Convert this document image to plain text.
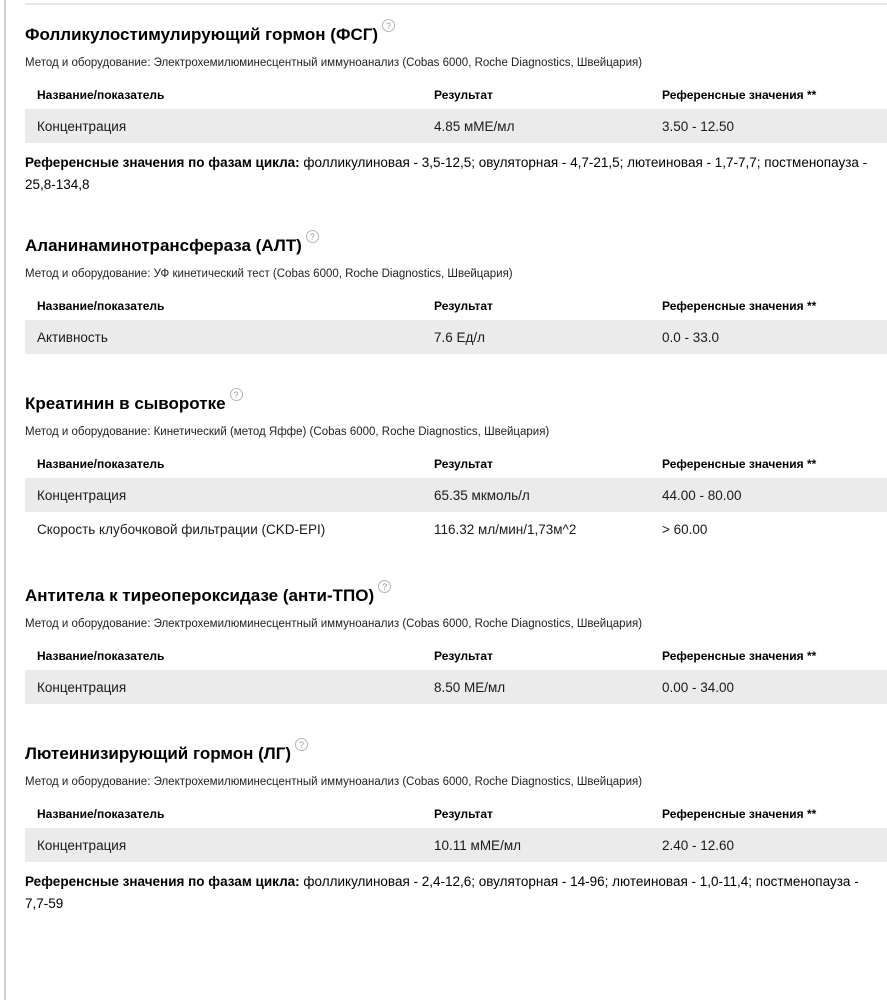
Фолликулостимулирующий гормон (ФСГ) ?

Метод и оборудование: Электрохемилюминесцентный иммуноанализ (Cobas 6000, Roche Diagnostics, Швейцария)

Название/показатель	Результат	Референсные значения **
Концентрация	4.85 мМЕ/мл	3.50 - 12.50

Референсные значения по фазам цикла: фолликулиновая - 3,5-12,5; овуляторная - 4,7-21,5; лютеиновая - 1,7-7,7; постменопауза - 25,8-134,8

Аланинаминотрансфераза (АЛТ) ?

Метод и оборудование: УФ кинетический тест (Cobas 6000, Roche Diagnostics, Швейцария)

Название/показатель	Результат	Референсные значения **
Активность	7.6 Ед/л	0.0 - 33.0
Креатинин в сыворотке ?

Метод и оборудование: Кинетический (метод Яффе) (Cobas 6000, Roche Diagnostics, Швейцария)

Название/показатель	Результат	Референсные значения **
Концентрация	65.35 мкмоль/л	44.00 - 80.00
Скорость клубочковой фильтрации (CKD-EPI)	116.32 мл/мин/1,73м^2	> 60.00
Антитела к тиреопероксидазе (анти-ТПО) ?

Метод и оборудование: Электрохемилюминесцентный иммуноанализ (Cobas 6000, Roche Diagnostics, Швейцария)

Название/показатель	Результат	Референсные значения **
Концентрация	8.50 МЕ/мл	0.00 - 34.00
Лютеинизирующий гормон (ЛГ) ?

Метод и оборудование: Электрохемилюминесцентный иммуноанализ (Cobas 6000, Roche Diagnostics, Швейцария)

Название/показатель	Результат	Референсные значения **
Концентрация	10.11 мМЕ/мл	2.40 - 12.60

Референсные значения по фазам цикла: фолликулиновая - 2,4-12,6; овуляторная - 14-96; лютеиновая - 1,0-11,4; постменопауза - 7,7-59
